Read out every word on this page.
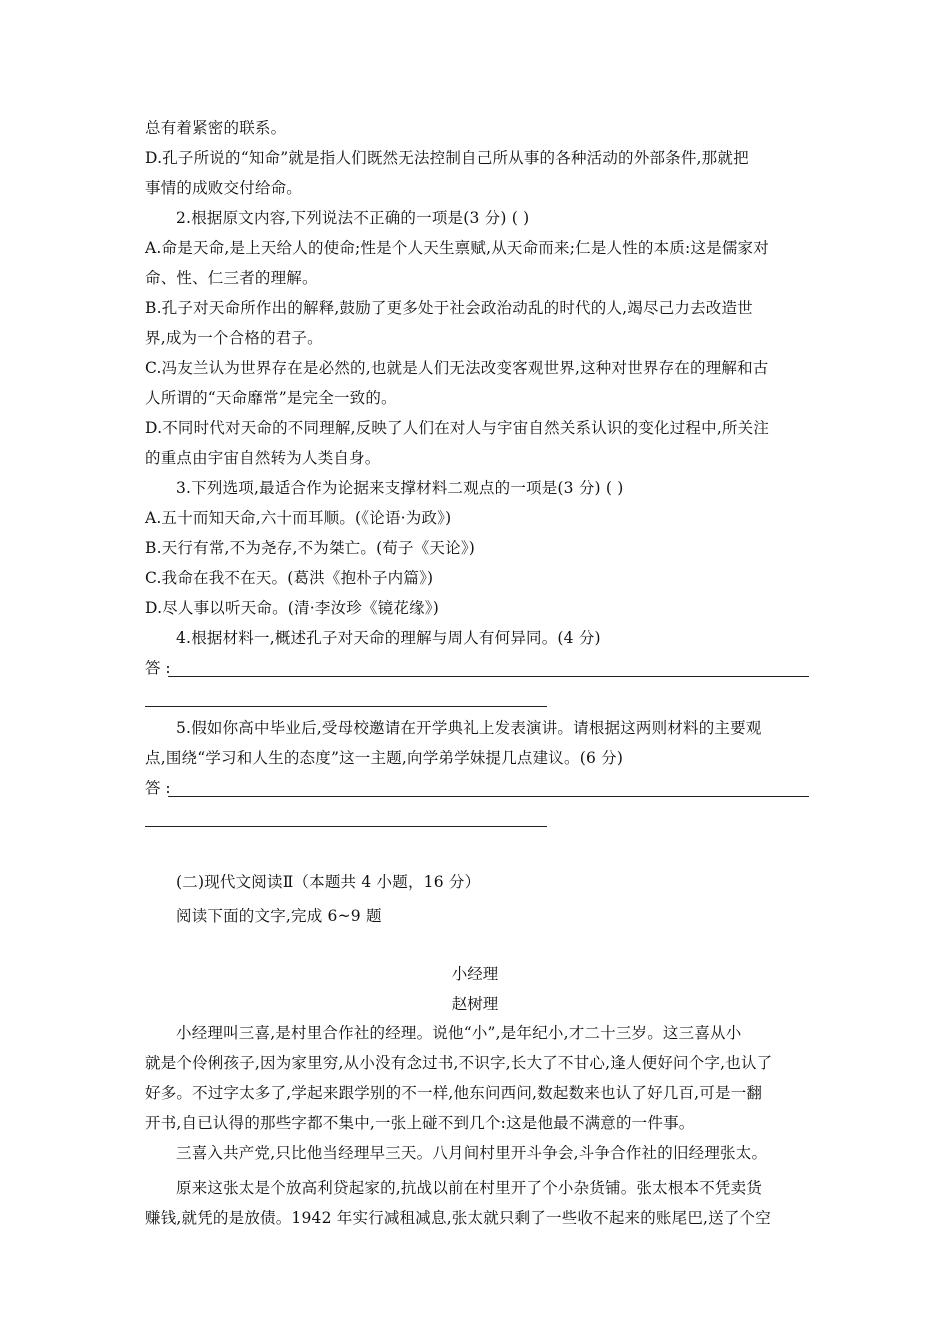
总有着紧密的联系。
D.孔子所说的“知命”就是指人们既然无法控制自己所从事的各种活动的外部条件,那就把
事情的成败交付给命。
2.根据原文内容,下列说法不正确的一项是(3 分) ( )
A.命是天命,是上天给人的使命;性是个人天生禀赋,从天命而来;仁是人性的本质:这是儒家对
命、性、仁三者的理解。
B.孔子对天命所作出的解释,鼓励了更多处于社会政治动乱的时代的人,竭尽己力去改造世
界,成为一个合格的君子。
C.冯友兰认为世界存在是必然的,也就是人们无法改变客观世界,这种对世界存在的理解和古
人所谓的“天命靡常”是完全一致的。
D.不同时代对天命的不同理解,反映了人们在对人与宇宙自然关系认识的变化过程中,所关注
的重点由宇宙自然转为人类自身。
3.下列选项,最适合作为论据来支撑材料二观点的一项是(3 分) ( )
A.五十而知天命,六十而耳顺。(《论语·为政》)
B.天行有常,不为尧存,不为桀亡。(荀子《天论》)
C.我命在我不在天。(葛洪《抱朴子内篇》)
D.尽人事以听天命。(清·李汝珍《镜花缘》)
4.根据材料一,概述孔子对天命的理解与周人有何异同。(4 分)
答 :
5.假如你高中毕业后,受母校邀请在开学典礼上发表演讲。请根据这两则材料的主要观
点,围绕“学习和人生的态度”这一主题,向学弟学妹提几点建议。(6 分)
答 :
(二)现代文阅读Ⅱ（本题共 4 小题，16 分）
阅读下面的文字,完成 6~9 题
小经理
赵树理
小经理叫三喜,是村里合作社的经理。说他“小”,是年纪小,才二十三岁。这三喜从小
就是个伶俐孩子,因为家里穷,从小没有念过书,不识字,长大了不甘心,逢人便好问个字,也认了
好多。不过字太多了,学起来跟学别的不一样,他东问西问,数起数来也认了好几百,可是一翻
开书,自已认得的那些字都不集中,一张上碰不到几个:这是他最不满意的一件事。
三喜入共产党,只比他当经理早三天。八月间村里开斗争会,斗争合作社的旧经理张太。
原来这张太是个放高利贷起家的,抗战以前在村里开了个小杂货铺。张太根本不凭卖货
赚钱,就凭的是放债。1942 年实行减租减息,张太就只剩了一些收不起来的账尾巴,送了个空
